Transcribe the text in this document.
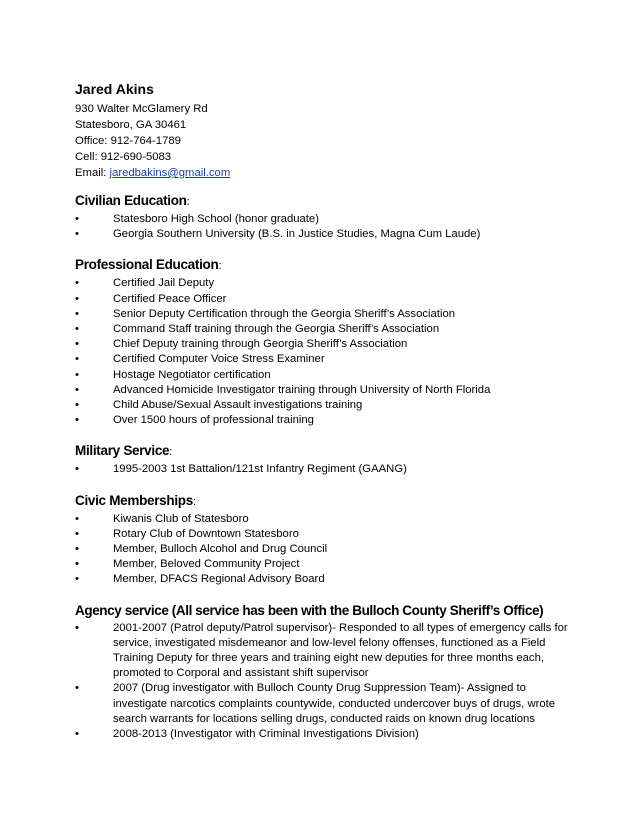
Jared Akins
930 Walter McGlamery Rd
Statesboro, GA 30461
Office: 912-764-1789
Cell: 912-690-5083
Email: jaredbakins@gmail.com
Civilian Education:
•	Statesboro High School (honor graduate)
•	Georgia Southern University (B.S. in Justice Studies, Magna Cum Laude)
Professional Education:
•	Certified Jail Deputy
•	Certified Peace Officer
•	Senior Deputy Certification through the Georgia Sheriff’s Association
•	Command Staff training through the Georgia Sheriff’s Association
•	Chief Deputy training through Georgia Sheriff’s Association
•	Certified Computer Voice Stress Examiner
•	Hostage Negotiator certification
•	Advanced Homicide Investigator training through University of North Florida
•	Child Abuse/Sexual Assault investigations training
•	Over 1500 hours of professional training
Military Service:
•	1995-2003 1st Battalion/121st Infantry Regiment (GAANG)
Civic Memberships:
•	Kiwanis Club of Statesboro
•	Rotary Club of Downtown Statesboro
•	Member, Bulloch Alcohol and Drug Council
•	Member, Beloved Community Project
•	Member, DFACS Regional Advisory Board
Agency service (All service has been with the Bulloch County Sheriff’s Office)
•	2001-2007 (Patrol deputy/Patrol supervisor)- Responded to all types of emergency calls for service, investigated misdemeanor and low-level felony offenses, functioned as a Field Training Deputy for three years and training eight new deputies for three months each, promoted to Corporal and assistant shift supervisor
•	2007 (Drug investigator with Bulloch County Drug Suppression Team)- Assigned to investigate narcotics complaints countywide, conducted undercover buys of drugs, wrote search warrants for locations selling drugs, conducted raids on known drug locations
•	2008-2013 (Investigator with Criminal Investigations Division)
